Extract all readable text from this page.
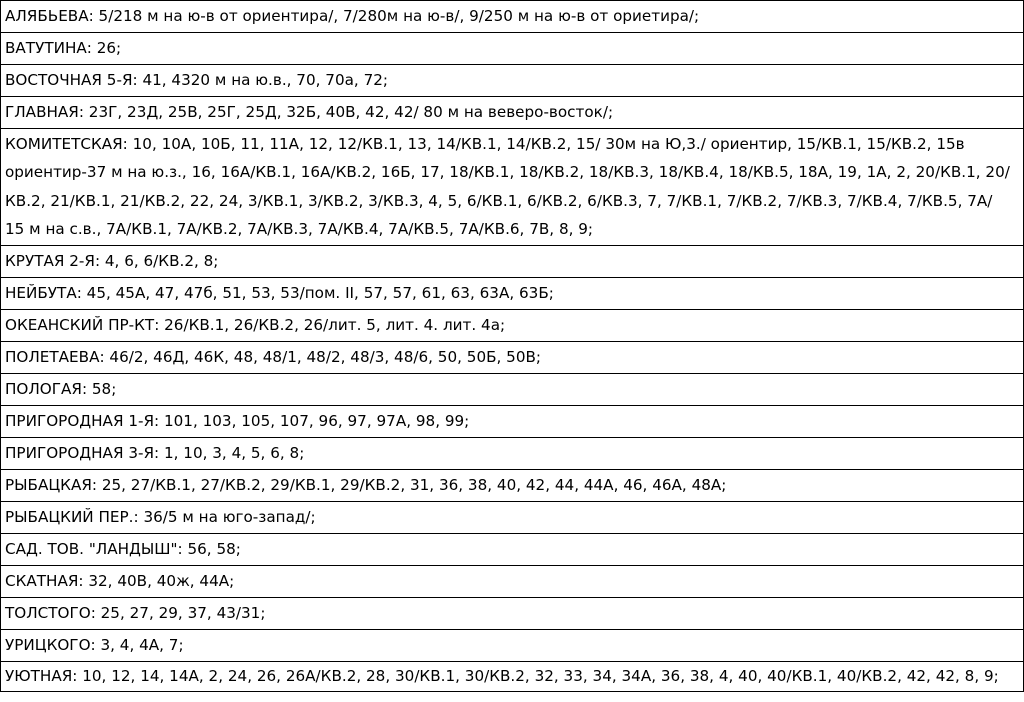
АЛЯБЬЕВА: 5/218 м на ю-в от ориентира/, 7/280м на ю-в/, 9/250 м на ю-в от ориетира/;
ВАТУТИНА: 26;
ВОСТОЧНАЯ 5-Я: 41, 4320 м на ю.в., 70, 70а, 72;
ГЛАВНАЯ: 23Г, 23Д, 25В, 25Г, 25Д, 32Б, 40В, 42, 42/ 80 м на веверо-восток/;
КОМИТЕТСКАЯ: 10, 10А, 10Б, 11, 11А, 12, 12/КВ.1, 13, 14/КВ.1, 14/КВ.2, 15/ 30м на Ю,3./ ориентир, 15/КВ.1, 15/КВ.2, 15в  ориентир-37 м на ю.з., 16, 16А/КВ.1, 16А/КВ.2, 16Б, 17, 18/КВ.1, 18/КВ.2, 18/КВ.3, 18/КВ.4, 18/КВ.5, 18А, 19, 1А, 2, 20/КВ.1, 20/КВ.2, 21/КВ.1, 21/КВ.2, 22, 24, 3/КВ.1, 3/КВ.2, 3/КВ.3, 4, 5, 6/КВ.1, 6/КВ.2, 6/КВ.3, 7, 7/КВ.1, 7/КВ.2, 7/КВ.3, 7/КВ.4, 7/КВ.5, 7А/   15 м на с.в., 7А/КВ.1, 7А/КВ.2, 7А/КВ.3, 7А/КВ.4, 7А/КВ.5, 7А/КВ.6, 7В, 8, 9;
КРУТАЯ 2-Я: 4, 6, 6/КВ.2, 8;
НЕЙБУТА: 45, 45А, 47, 47б, 51, 53, 53/пом. II, 57, 57, 61, 63, 63А, 63Б;
ОКЕАНСКИЙ ПР-КТ: 26/КВ.1, 26/КВ.2, 26/лит. 5, лит. 4. лит. 4а;
ПОЛЕТАЕВА: 46/2, 46Д, 46К, 48, 48/1, 48/2, 48/3, 48/6, 50, 50Б, 50В;
ПОЛОГАЯ: 58;
ПРИГОРОДНАЯ 1-Я: 101, 103, 105, 107, 96, 97, 97А, 98, 99;
ПРИГОРОДНАЯ 3-Я: 1, 10, 3, 4, 5, 6, 8;
РЫБАЦКАЯ: 25, 27/КВ.1, 27/КВ.2, 29/КВ.1, 29/КВ.2, 31, 36, 38, 40, 42, 44, 44А, 46, 46А, 48А;
РЫБАЦКИЙ ПЕР.: 36/5 м на юго-запад/;
САД. ТОВ. "ЛАНДЫШ": 56, 58;
СКАТНАЯ: 32, 40В, 40ж, 44А;
ТОЛСТОГО: 25, 27, 29, 37, 43/31;
УРИЦКОГО: 3, 4, 4А, 7;
УЮТНАЯ: 10, 12, 14, 14А, 2, 24, 26, 26А/КВ.2, 28, 30/КВ.1, 30/КВ.2, 32, 33, 34, 34А, 36, 38, 4, 40, 40/КВ.1, 40/КВ.2, 42, 42, 8, 9;
